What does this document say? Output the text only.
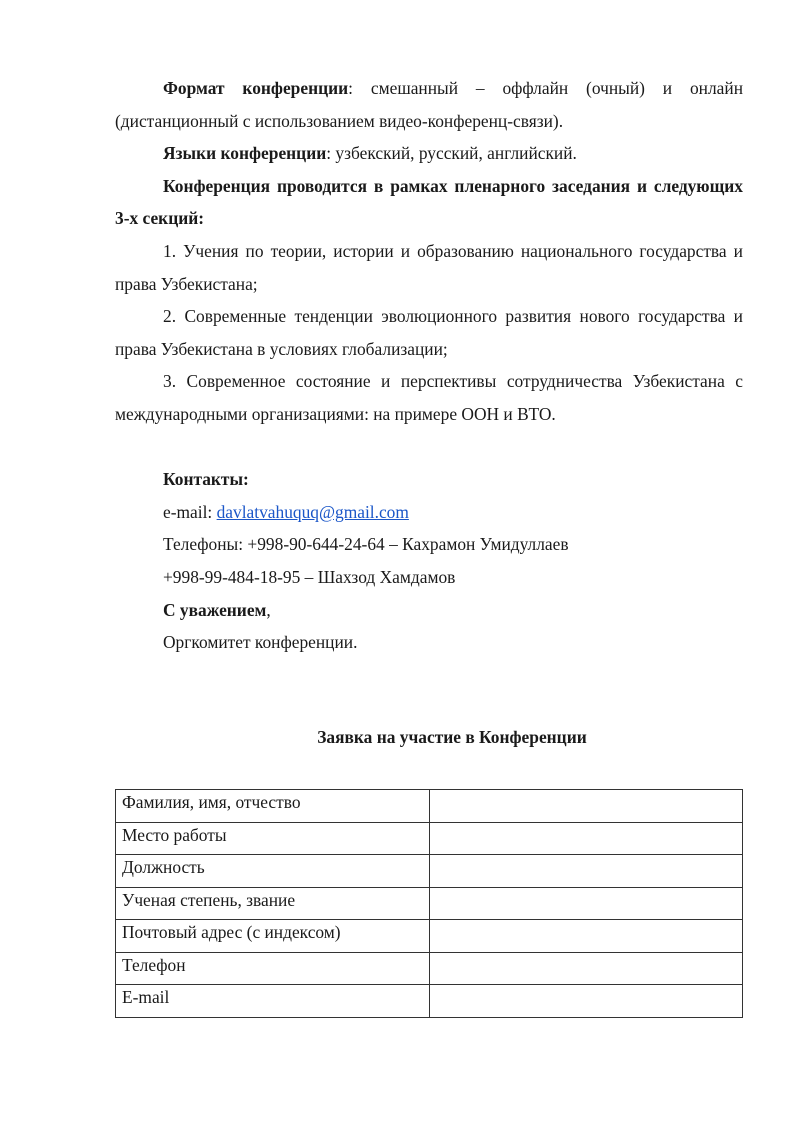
Формат конференции: смешанный – оффлайн (очный) и онлайн (дистанционный с использованием видео-конференц-связи).

Языки конференции: узбекский, русский, английский.

Конференция проводится в рамках пленарного заседания и следующих 3-х секций:

1. Учения по теории, истории и образованию национального государства и права Узбекистана;

2. Современные тенденции эволюционного развития нового государства и права Узбекистана в условиях глобализации;

3. Современное состояние и перспективы сотрудничества Узбекистана с международными организациями: на примере ООН и ВТО.

Контакты:

e-mail: davlatvahuquq@gmail.com

Телефоны: +998-90-644-24-64 – Кахрамон Умидуллаев

+998-99-484-18-95 – Шахзод Хамдамов

С уважением,

Оргкомитет конференции.

Заявка на участие в Конференции

Фамилия, имя, отчество	
Место работы	
Должность	
Ученая степень, звание	
Почтовый адрес (с индексом)	
Телефон	
E-mail	
